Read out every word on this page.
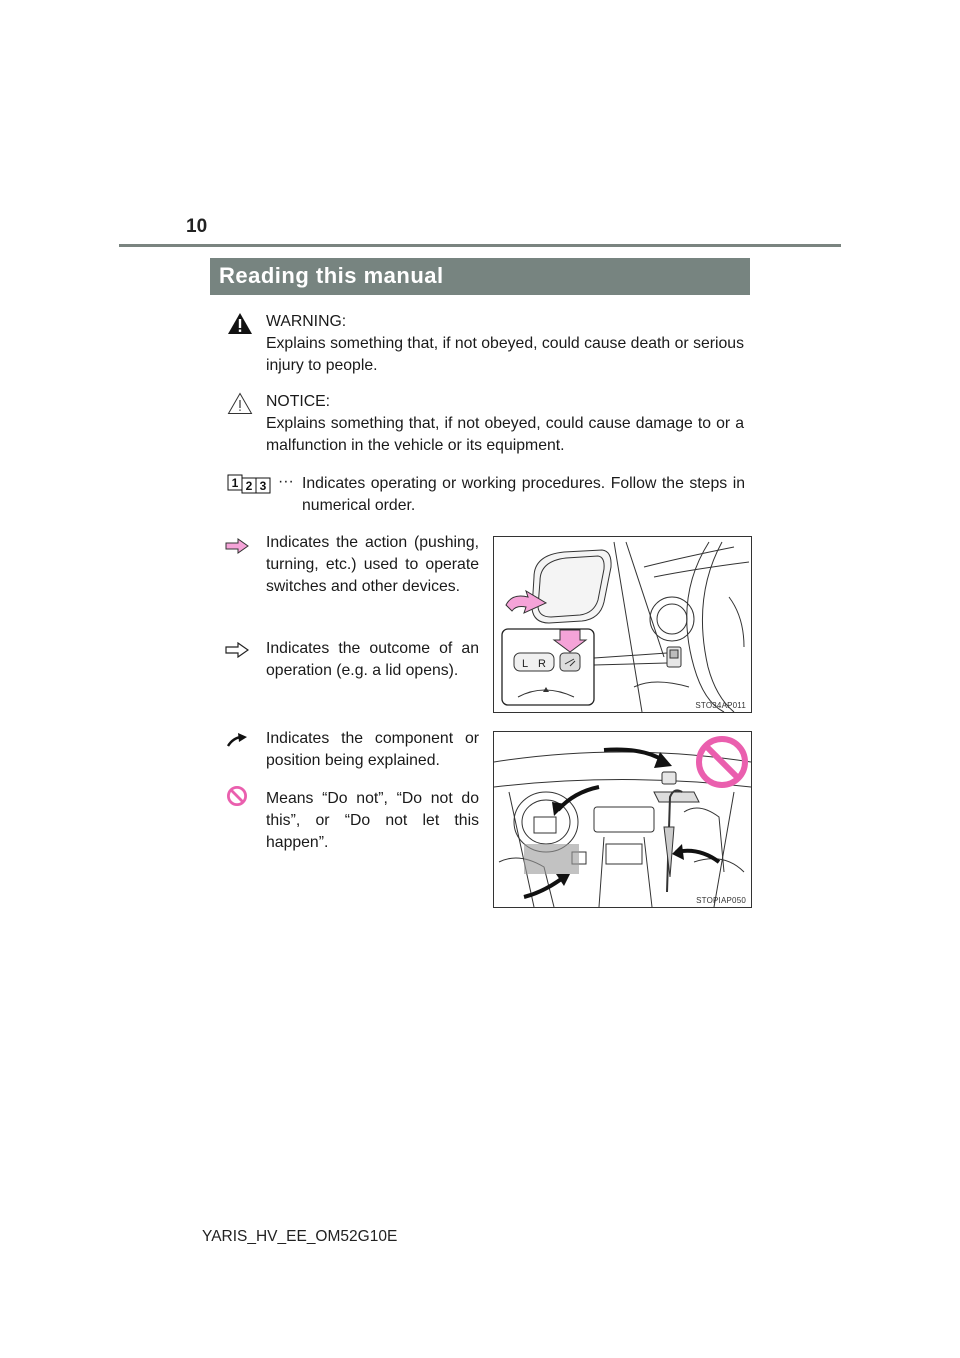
10
Reading this manual
WARNING:
Explains something that, if not obeyed, could cause death or serious injury to people.
NOTICE:
Explains something that, if not obeyed, could cause damage to or a malfunction in the vehicle or its equipment.
1 2 3 ··· Indicates operating or working procedures. Follow the steps in numerical order.
Indicates the action (pushing, turning, etc.) used to operate switches and other devices.
Indicates the outcome of an operation (e.g. a lid opens).
Indicates the component or position being explained.
Means “Do not”, “Do not do this”, or “Do not let this happen”.
L R
STO34AP011
STOPIAP050
YARIS_HV_EE_OM52G10E
